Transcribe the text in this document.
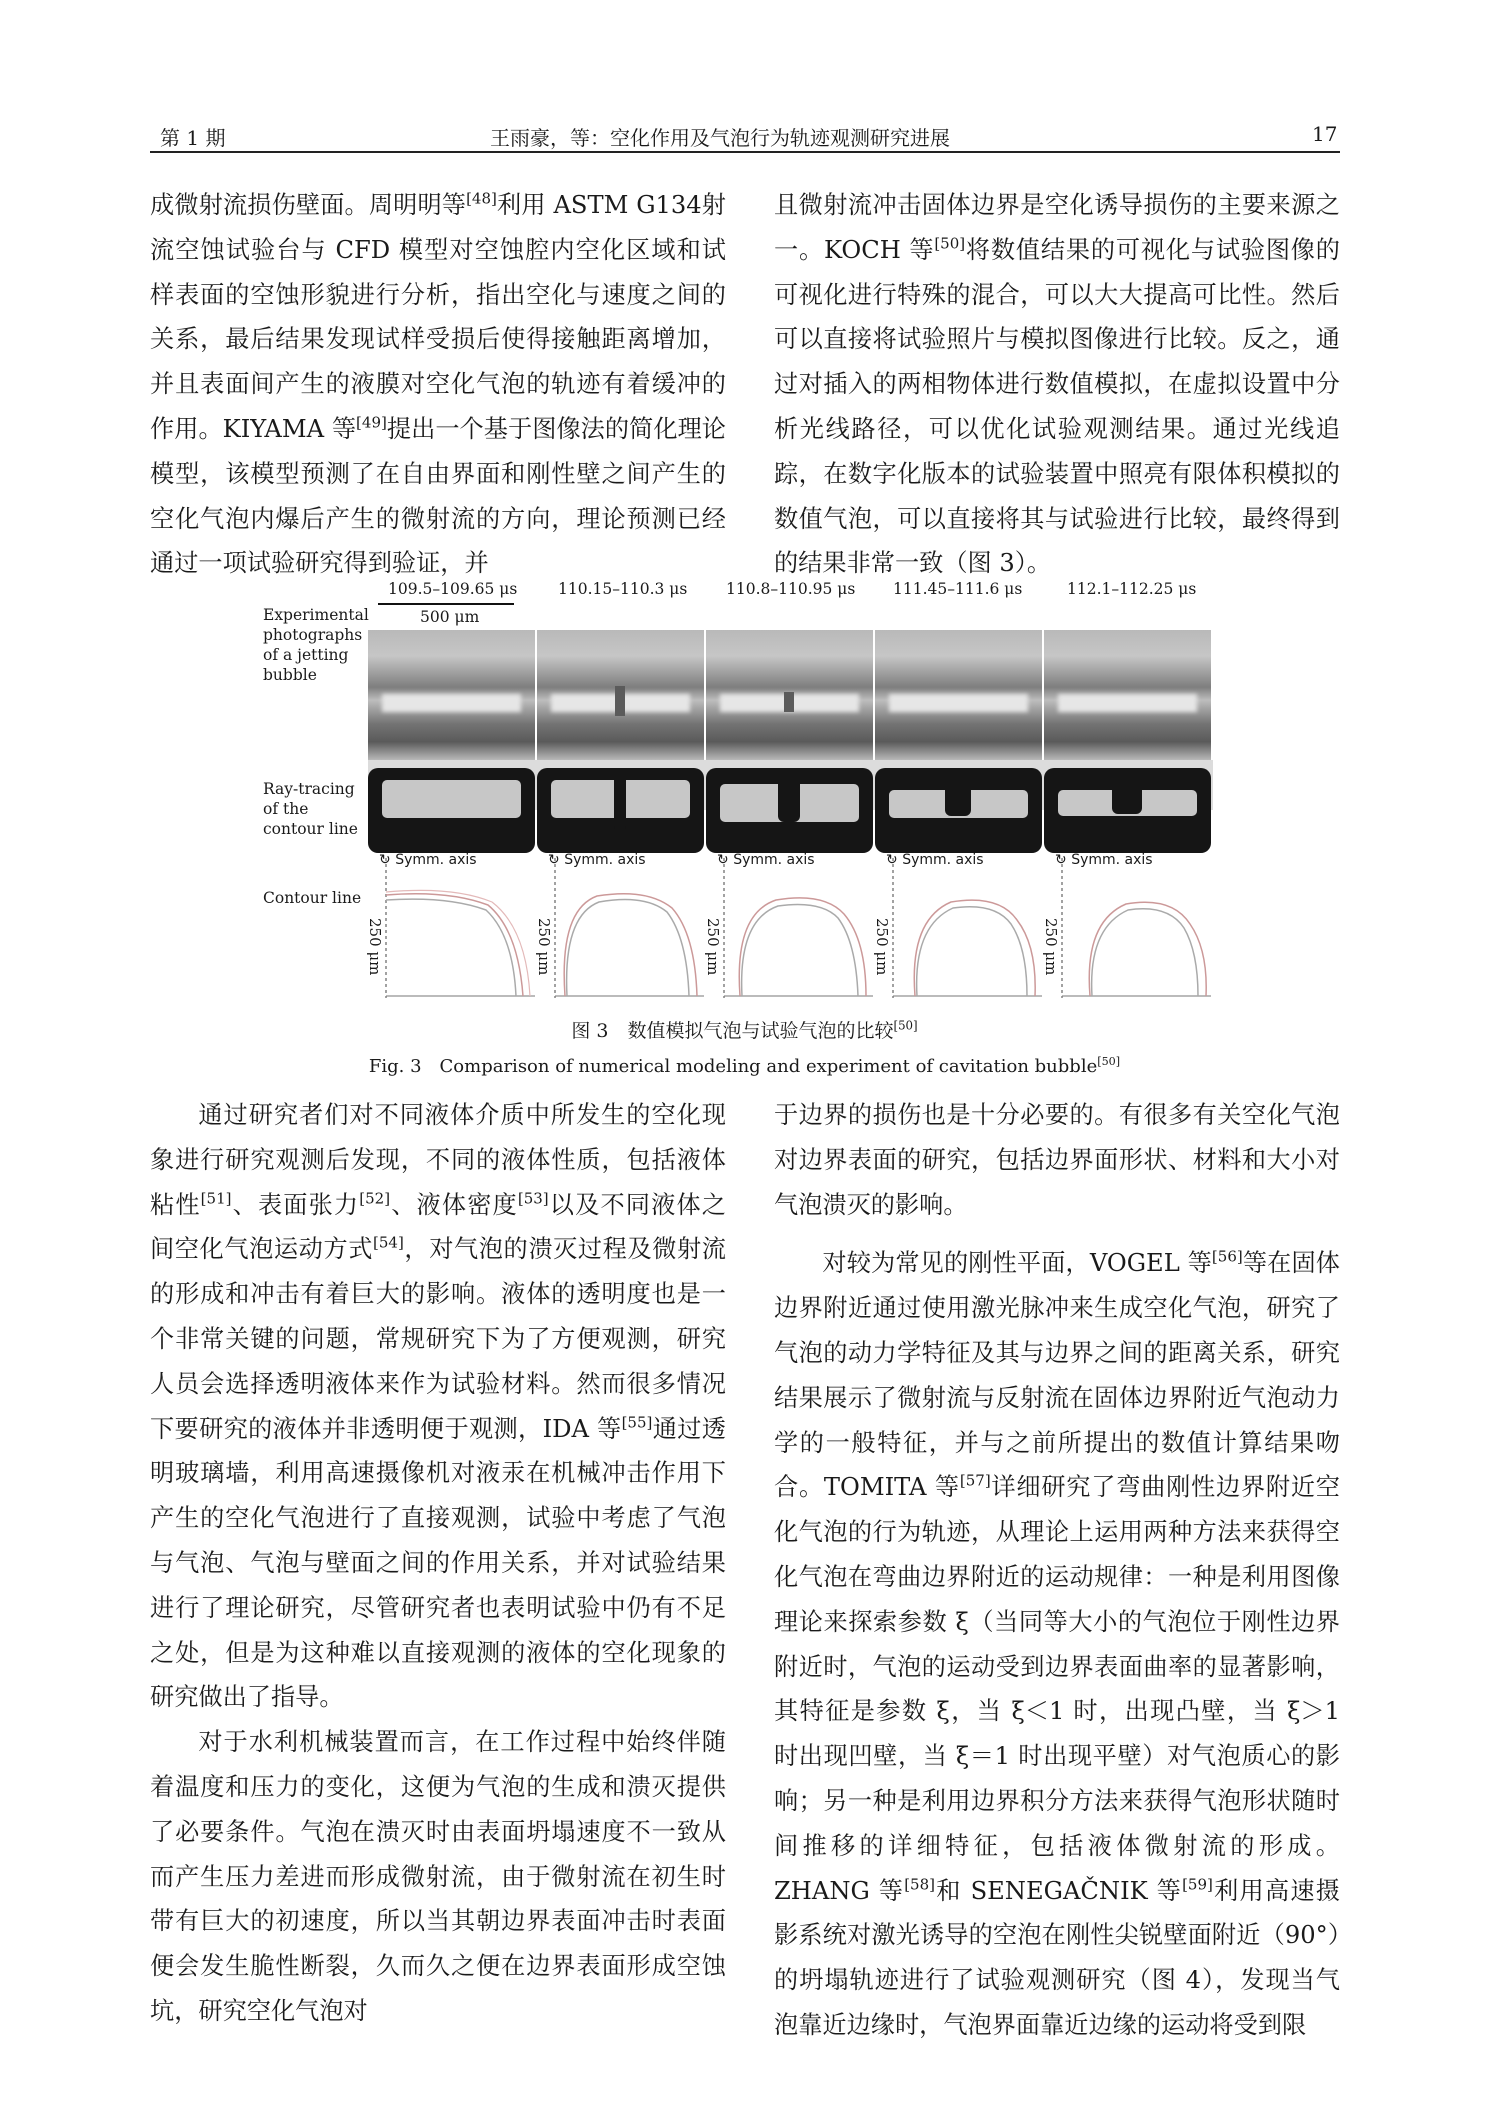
第 1 期	王雨豪，等：空化作用及气泡行为轨迹观测研究进展	17

成微射流损伤壁面。周明明等[48]利用 ASTM G134射流空蚀试验台与 CFD 模型对空蚀腔内空化区域和试样表面的空蚀形貌进行分析，指出空化与速度之间的关系，最后结果发现试样受损后使得接触距离增加，并且表面间产生的液膜对空化气泡的轨迹有着缓冲的作用。KIYAMA 等[49]提出一个基于图像法的简化理论模型，该模型预测了在自由界面和刚性壁之间产生的空化气泡内爆后产生的微射流的方向，理论预测已经通过一项试验研究得到验证，并

且微射流冲击固体边界是空化诱导损伤的主要来源之一。KOCH 等[50]将数值结果的可视化与试验图像的可视化进行特殊的混合，可以大大提高可比性。然后可以直接将试验照片与模拟图像进行比较。反之，通过对插入的两相物体进行数值模拟，在虚拟设置中分析光线路径，可以优化试验观测结果。通过光线追踪，在数字化版本的试验装置中照亮有限体积模拟的数值气泡，可以直接将其与试验进行比较，最终得到的结果非常一致（图 3）。

109.5–109.65 μs	110.15–110.3 μs 110.8–110.95 μs 111.45–111.6 μs	112.1–112.25 μs
500 μm
Experimental photographs of a jetting bubble
Ray-tracing of the contour line
Contour line
↻ Symm. axis	↻ Symm. axis	↻ Symm. axis	↻ Symm. axis	↻ Symm. axis
250 μm	250 μm	250 μm	250 μm	250 μm
图 3　数值模拟气泡与试验气泡的比较[50]
Fig. 3　Comparison of numerical modeling and experiment of cavitation bubble[50]

通过研究者们对不同液体介质中所发生的空化现象进行研究观测后发现，不同的液体性质，包括液体粘性[51]、表面张力[52]、液体密度[53]以及不同液体之间空化气泡运动方式[54]，对气泡的溃灭过程及微射流的形成和冲击有着巨大的影响。液体的透明度也是一个非常关键的问题，常规研究下为了方便观测，研究人员会选择透明液体来作为试验材料。然而很多情况下要研究的液体并非透明便于观测，IDA 等[55]通过透明玻璃墙，利用高速摄像机对液汞在机械冲击作用下产生的空化气泡进行了直接观测，试验中考虑了气泡与气泡、气泡与壁面之间的作用关系，并对试验结果进行了理论研究，尽管研究者也表明试验中仍有不足之处，但是为这种难以直接观测的液体的空化现象的研究做出了指导。

对于水利机械装置而言，在工作过程中始终伴随着温度和压力的变化，这便为气泡的生成和溃灭提供了必要条件。气泡在溃灭时由表面坍塌速度不一致从而产生压力差进而形成微射流，由于微射流在初生时带有巨大的初速度，所以当其朝边界表面冲击时表面便会发生脆性断裂，久而久之便在边界表面形成空蚀坑，研究空化气泡对

于边界的损伤也是十分必要的。有很多有关空化气泡对边界表面的研究，包括边界面形状、材料和大小对气泡溃灭的影响。

对较为常见的刚性平面，VOGEL 等[56]等在固体边界附近通过使用激光脉冲来生成空化气泡，研究了气泡的动力学特征及其与边界之间的距离关系，研究结果展示了微射流与反射流在固体边界附近气泡动力学的一般特征，并与之前所提出的数值计算结果吻合。TOMITA 等[57]详细研究了弯曲刚性边界附近空化气泡的行为轨迹，从理论上运用两种方法来获得空化气泡在弯曲边界附近的运动规律：一种是利用图像理论来探索参数 ξ（当同等大小的气泡位于刚性边界附近时，气泡的运动受到边界表面曲率的显著影响，其特征是参数 ξ，当 ξ＜1 时，出现凸壁，当 ξ＞1 时出现凹壁，当 ξ＝1 时出现平壁）对气泡质心的影响；另一种是利用边界积分方法来获得气泡形状随时间推移的详细特征，包括液体微射流的形成。ZHANG 等[58]和 SENEGAČNIK 等[59]利用高速摄影系统对激光诱导的空泡在刚性尖锐壁面附近（90°）的坍塌轨迹进行了试验观测研究（图 4），发现当气泡靠近边缘时，气泡界面靠近边缘的运动将受到限
